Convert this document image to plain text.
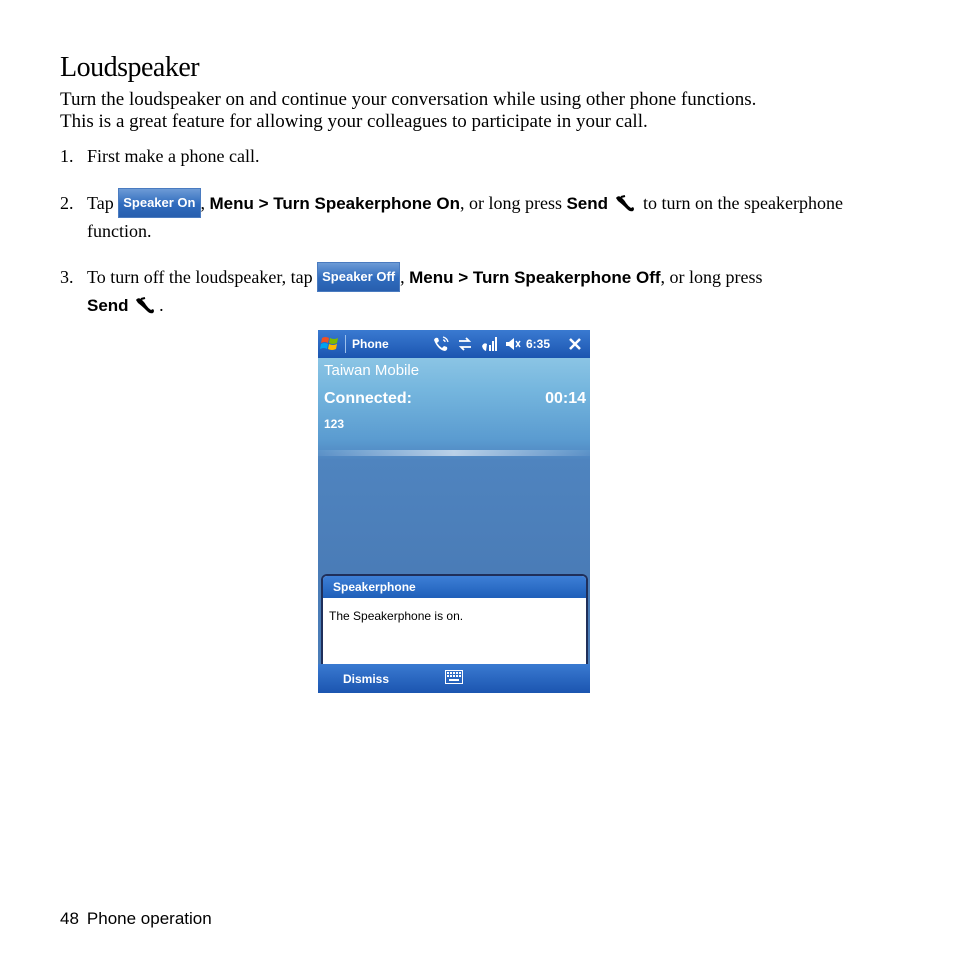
Loudspeaker

Turn the loudspeaker on and continue your conversation while using other phone functions.
This is a great feature for allowing your colleagues to participate in your call.

1. First make a phone call.
2. Tap Speaker On , Menu > Turn Speakerphone On, or long press Send to turn on the speakerphone function.
3. To turn off the loudspeaker, tap Speaker Off , Menu > Turn Speakerphone Off, or long press
Send .
Phone	6:35
Taiwan Mobile
Connected:	00:14
123
Speakerphone
The Speakerphone is on.
Dismiss
48 Phone operation
